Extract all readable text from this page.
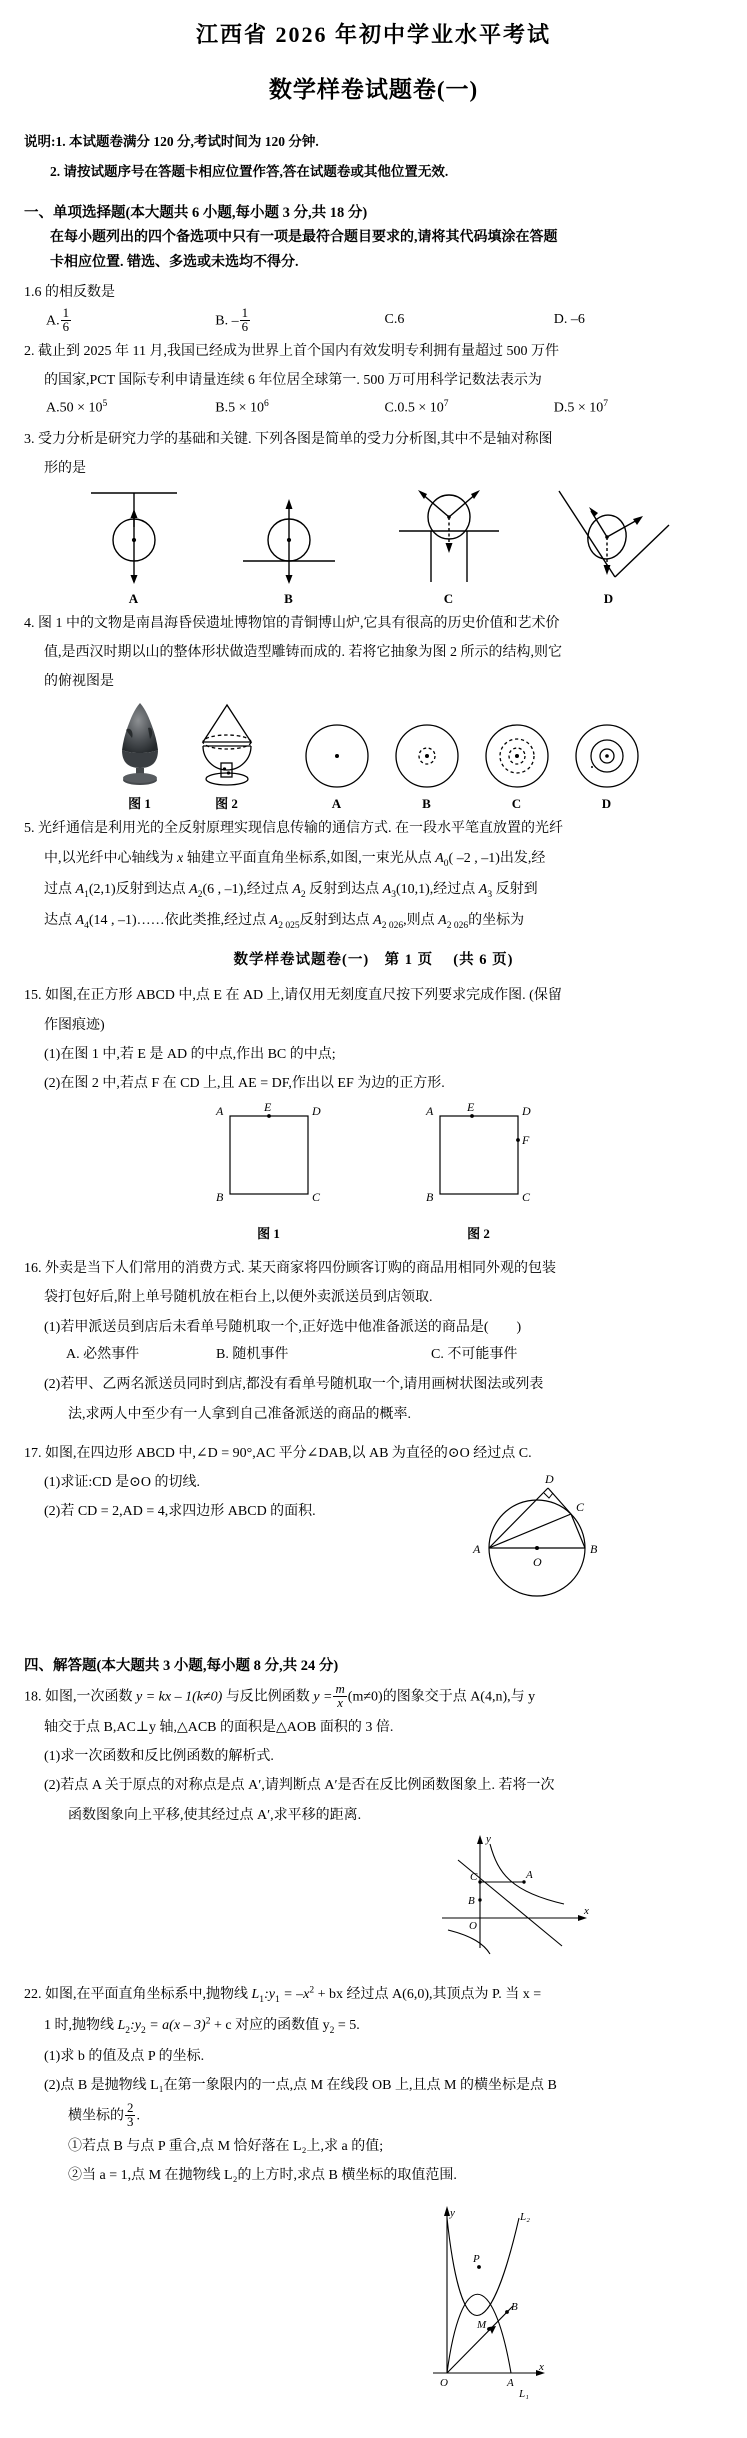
江西省 2026 年初中学业水平考试
数学样卷试题卷(一)
说明:1. 本试题卷满分 120 分,考试时间为 120 分钟.
2. 请按试题序号在答题卡相应位置作答,答在试题卷或其他位置无效.
一、单项选择题(本大题共 6 小题,每小题 3 分,共 18 分)
在每小题列出的四个备选项中只有一项是最符合题目要求的,请将其代码填涂在答题
卡相应位置. 错选、多选或未选均不得分.
1.6 的相反数是
A. $\frac{1}{6}$	B. – $\frac{1}{6}$	C.6	D. –6
2. 截止到 2025 年 11 月,我国已经成为世界上首个国内有效发明专利拥有量超过 500 万件
的国家,PCT 国际专利申请量连续 6 年位居全球第一. 500 万可用科学记数法表示为
$A.50 \times 10^5$	$B.5 \times 10^6$	$C.0.5 \times 10^7$	$D.5 \times 10^7$
3. 受力分析是研究力学的基础和关键. 下列各图是简单的受力分析图,其中不是轴对称图
形的是
A	B	C	D
4. 图 1 中的文物是南昌海昏侯遗址博物馆的青铜博山炉,它具有很高的历史价值和艺术价
值,是西汉时期以山的整体形状做造型雕铸而成的. 若将它抽象为图 2 所示的结构,则它
的俯视图是
图 1	图 2	A	B	C	D
5. 光纤通信是利用光的全反射原理实现信息传输的通信方式. 在一段水平笔直放置的光纤
中,以光纤中心轴线为 x 轴建立平面直角坐标系,如图,一束光从点 $A_0$( –2 , –1)出发,经
过点 $A_1(2,1)$反射到达点 $A_2(6$ , –1),经过点 $A_2$ 反射到达点 $A_3(10,1)$,经过点 $A_3$ 反射到
达点 $A_4(14$ , –1)……依此类推,经过点 $A_{2 025}$反射到达点 $A_{2 026}$,则点 $A_{2 026}$的坐标为
数学样卷试题卷(一)　第 1 页 　(共 6 页)
15. 如图,在正方形 ABCD 中,点 E 在 AD 上,请仅用无刻度直尺按下列要求完成作图. (保留
作图痕迹)
(1)在图 1 中,若 E 是 AD 的中点,作出 BC 的中点;
(2)在图 2 中,若点 F 在 CD 上,且 AE = DF,作出以 EF 为边的正方形.
A	E	D
B	C
图 1
A	E	D
F
B	C
图 2
16. 外卖是当下人们常用的消费方式. 某天商家将四份顾客订购的商品用相同外观的包装
袋打包好后,附上单号随机放在柜台上,以便外卖派送员到店领取.
(1)若甲派送员到店后未看单号随机取一个,正好选中他准备派送的商品是(　　)
A. 必然事件	B. 随机事件	C. 不可能事件
(2)若甲、乙两名派送员同时到店,都没有看单号随机取一个,请用画树状图法或列表
法,求两人中至少有一人拿到自己准备派送的商品的概率.
17. 如图,在四边形 ABCD 中,∠D = 90°,AC 平分∠DAB,以 AB 为直径的⊙O 经过点 C.
(1)求证:CD 是⊙O 的切线.
(2)若 CD = 2,AD = 4,求四边形 ABCD 的面积.
D
C
A	B
O
四、解答题(本大题共 3 小题,每小题 8 分,共 24 分)
18. 如图,一次函数 y = kx – 1(k≠0) 与反比例函数 $y = \frac{m}{x} (m\ne 0)$的图象交于点 A(4,n),与 y
轴交于点 B,AC⊥y 轴,△ACB 的面积是△AOB 面积的 3 倍.
(1)求一次函数和反比例函数的解析式.
(2)若点 A 关于原点的对称点是点 A′,请判断点 A′是否在反比例函数图象上. 若将一次
函数图象向上平移,使其经过点 A′,求平移的距离.
y
x
A
C
B
O
22. 如图,在平面直角坐标系中,抛物线 $L_1:y_1 = -x^2$ + bx 经过点 A(6,0),其顶点为 P. 当 x =
1 时,抛物线 $L_2:y_2 = a(x - 3)^2 + c$ 对应的函数值 $y_2 = 5$.
(1)求 b 的值及点 P 的坐标.
(2)点 B 是抛物线 L₁在第一象限内的一点,点 M 在线段 OB 上,且点 M 的横坐标是点 B
横坐标的 $\frac{2}{3}$ .
①若点 B 与点 P 重合,点 M 恰好落在 L₂上,求 a 的值;
②当 a = 1,点 M 在抛物线 L₂的上方时,求点 B 横坐标的取值范围.
y
x
P
L₂
B
M
O	A
L₁
